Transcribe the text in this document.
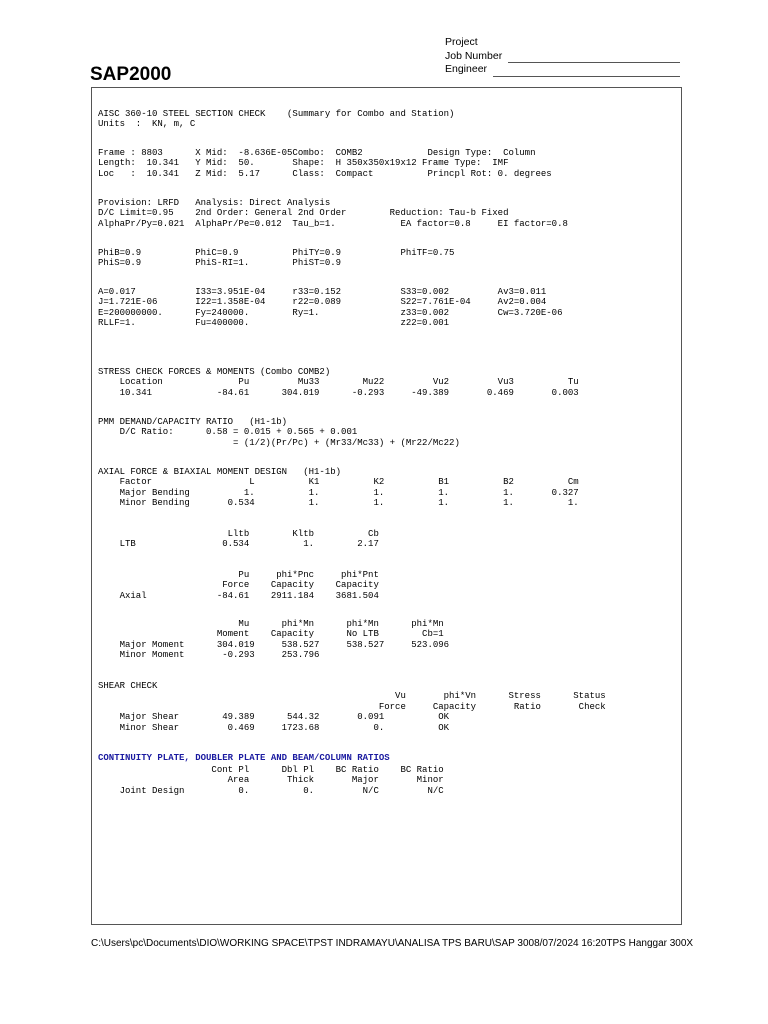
SAP2000
Project
Job Number
Engineer
AISC 360-10 STEEL SECTION CHECK    (Summary for Combo and Station)
Units  :  KN, m, C
Frame : 8803      X Mid:  -8.636E-05Combo:  COMB2            Design Type:  Column
Length:  10.341   Y Mid:  50.       Shape:  H 350x350x19x12 Frame Type:  IMF
Loc   :  10.341   Z Mid:  5.17      Class:  Compact          Princpl Rot: 0. degrees
Provision: LRFD   Analysis: Direct Analysis
D/C Limit=0.95    2nd Order: General 2nd Order        Reduction: Tau-b Fixed
AlphaPr/Py=0.021  AlphaPr/Pe=0.012  Tau_b=1.            EA factor=0.8     EI factor=0.8
PhiB=0.9          PhiC=0.9          PhiTY=0.9           PhiTF=0.75
PhiS=0.9          PhiS-RI=1.        PhiST=0.9
A=0.017           I33=3.951E-04     r33=0.152           S33=0.002         Av3=0.011
J=1.721E-06       I22=1.358E-04     r22=0.089           S22=7.761E-04     Av2=0.004
E=200000000.      Fy=240000.        Ry=1.               z33=0.002         Cw=3.720E-06
RLLF=1.           Fu=400000.                            z22=0.001
STRESS CHECK FORCES & MOMENTS (Combo COMB2)
Location              Pu         Mu33        Mu22         Vu2         Vu3          Tu
10.341            -84.61      304.019      -0.293     -49.389       0.469       0.003
PMM DEMAND/CAPACITY RATIO   (H1-1b)
D/C Ratio:      0.58 = 0.015 + 0.565 + 0.001
= (1/2)(Pr/Pc) + (Mr33/Mc33) + (Mr22/Mc22)
AXIAL FORCE & BIAXIAL MOMENT DESIGN   (H1-1b)
Factor                  L          K1          K2          B1          B2          Cm
Major Bending          1.          1.          1.          1.          1.       0.327
Minor Bending       0.534          1.          1.          1.          1.          1.
Lltb        Kltb          Cb
LTB                0.534          1.        2.17
Pu     phi*Pnc     phi*Pnt
Force    Capacity    Capacity
Axial             -84.61    2911.184    3681.504
Mu      phi*Mn      phi*Mn      phi*Mn
Moment    Capacity      No LTB        Cb=1
Major Moment      304.019     538.527     538.527     523.096
Minor Moment       -0.293     253.796
SHEAR CHECK
Vu       phi*Vn      Stress      Status
Force     Capacity       Ratio       Check
Major Shear        49.389      544.32       0.091          OK
Minor Shear         0.469     1723.68          0.          OK
CONTINUITY PLATE, DOUBLER PLATE AND BEAM/COLUMN RATIOS
Cont Pl      Dbl Pl    BC Ratio    BC Ratio
Area       Thick       Major       Minor
Joint Design          0.          0.         N/C         N/C
C:\Users\pc\Documents\DIO\WORKING SPACE\TPST INDRAMAYU\ANALISA TPS BARU\SAP 3008/07/2024 16:20TPS Hanggar 300X
